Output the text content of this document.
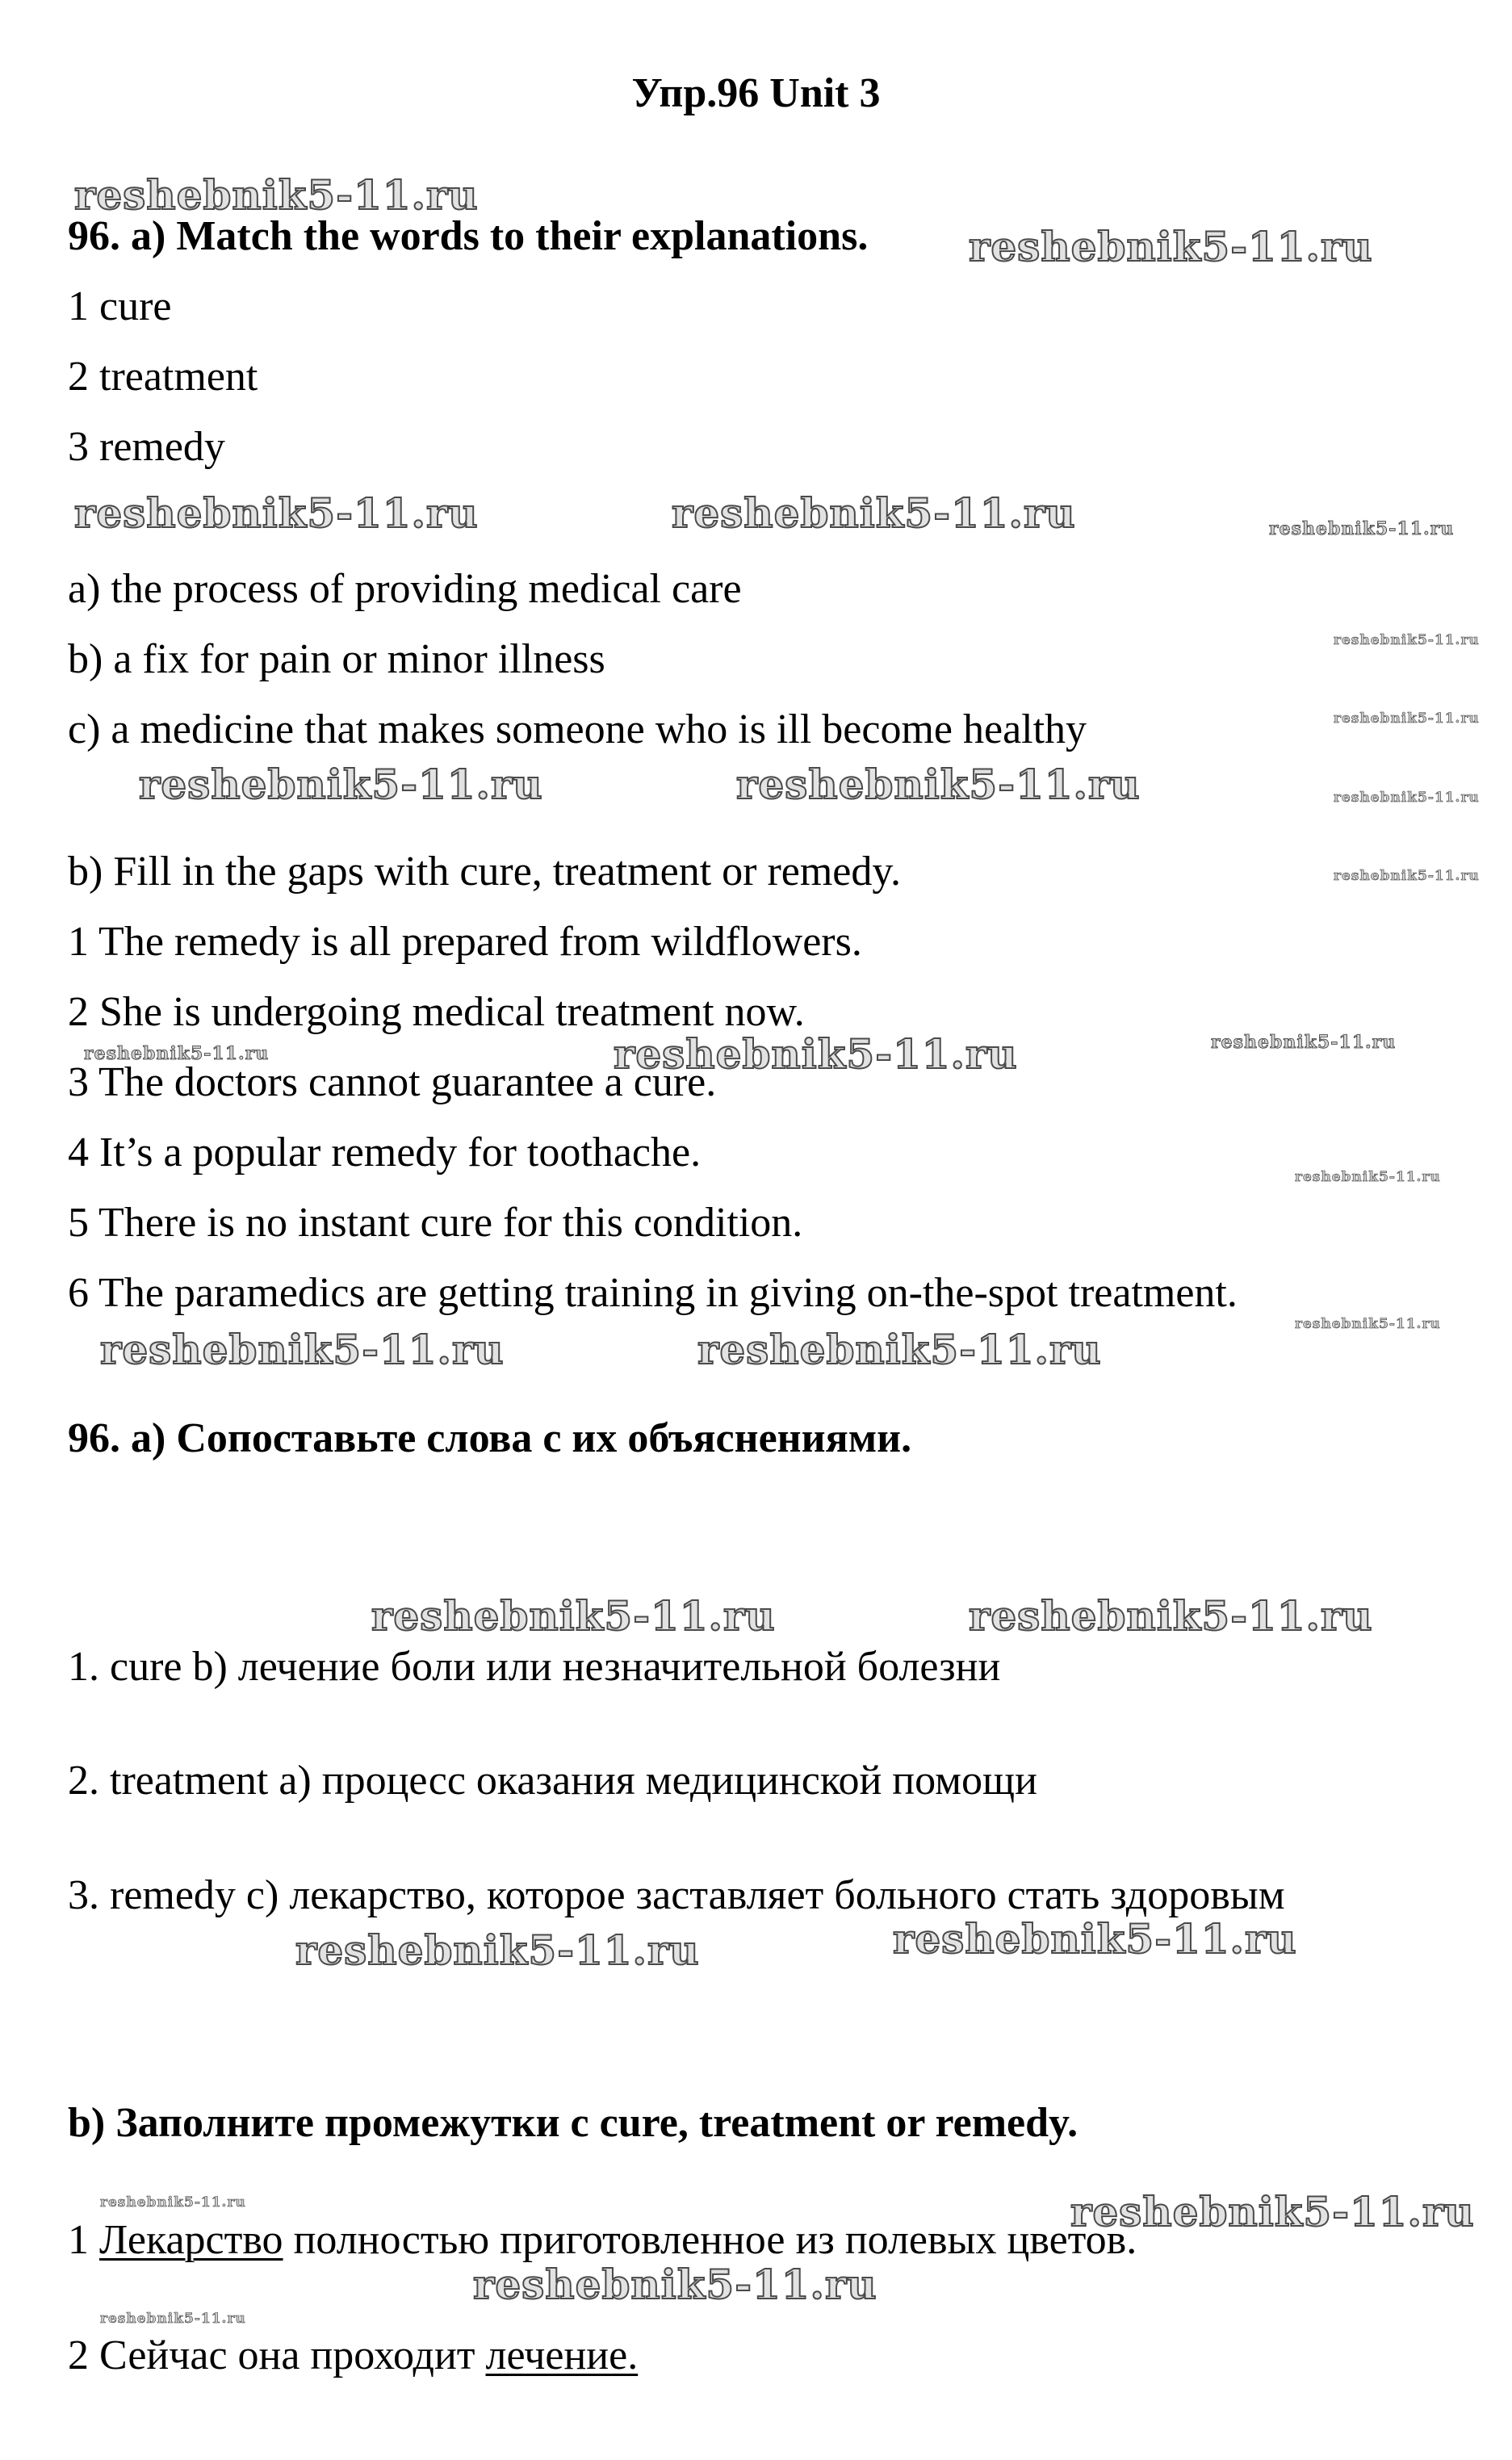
Упр.96 Unit 3
96. a) Match the words to their explanations.
1 cure
2 treatment
3 remedy
a) the process of providing medical care
b) a fix for pain or minor illness
c) a medicine that makes someone who is ill become healthy
b) Fill in the gaps with cure, treatment or remedy.
1 The remedy is all prepared from wildflowers.
2 She is undergoing medical treatment now.
3 The doctors cannot guarantee a cure.
4 It’s a popular remedy for toothache.
5 There is no instant cure for this condition.
6 The paramedics are getting training in giving on-the-spot treatment.
96. a) Сопоставьте слова с их объяснениями.
1. cure b) лечение боли или незначительной болезни
2. treatment a) процесс оказания медицинской помощи
3. remedy c) лекарство, которое заставляет больного стать здоровым
b) Заполните промежутки с cure, treatment or remedy.
1 Лекарство полностью приготовленное из полевых цветов.
2 Сейчас она проходит лечение.
reshebnik5-11.ru
reshebnik5-11.ru
reshebnik5-11.ru	reshebnik5-11.ru	reshebnik5-11.ru
reshebnik5-11.ru
reshebnik5-11.ru
reshebnik5-11.ru	reshebnik5-11.ru	reshebnik5-11.ru
reshebnik5-11.ru
reshebnik5-11.ru	reshebnik5-11.ru	reshebnik5-11.ru
reshebnik5-11.ru
reshebnik5-11.ru
reshebnik5-11.ru	reshebnik5-11.ru
reshebnik5-11.ru	reshebnik5-11.ru
reshebnik5-11.ru	reshebnik5-11.ru
reshebnik5-11.ru	reshebnik5-11.ru
reshebnik5-11.ru
reshebnik5-11.ru
